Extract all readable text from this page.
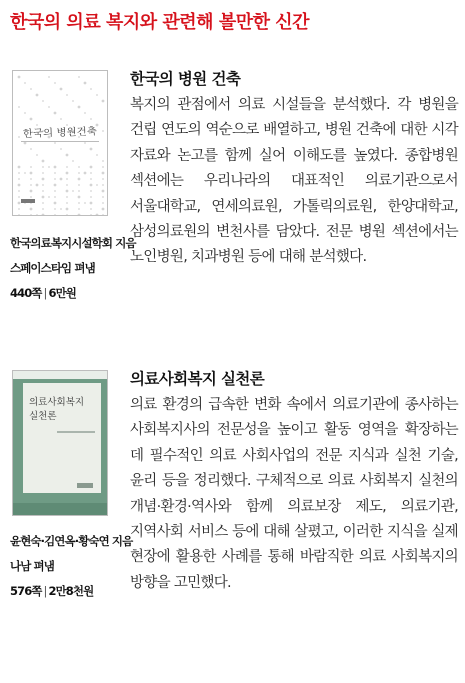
한국의 의료 복지와 관련해 볼만한 신간
한국의 병원건축
한국의료복지시설학회 지음
스페이스타임 펴냄
440쪽 | 6만원
한국의 병원 건축

복지의 관점에서 의료 시설들을 분석했다. 각 병원을 건립 연도의 역순으로 배열하고, 병원 건축에 대한 시각 자료와 논고를 함께 실어 이해도를 높였다. 종합병원 섹션에는 우리나라의 대표적인 의료기관으로서 서울대학교, 연세의료원, 가톨릭의료원, 한양대학교, 삼성의료원의 변천사를 담았다. 전문 병원 섹션에서는 노인병원, 치과병원 등에 대해 분석했다.

의료사회복지
실천론
윤현숙·김연옥·황숙연 지음
나남 펴냄
576쪽 | 2만8천원
의료사회복지 실천론

의료 환경의 급속한 변화 속에서 의료기관에 종사하는 사회복지사의 전문성을 높이고 활동 영역을 확장하는 데 필수적인 의료 사회사업의 전문 지식과 실천 기술, 윤리 등을 정리했다. 구체적으로 의료 사회복지 실천의 개념·환경·역사와 함께 의료보장 제도, 의료기관, 지역사회 서비스 등에 대해 살폈고, 이러한 지식을 실제 현장에 활용한 사례를 통해 바람직한 의료 사회복지의 방향을 고민했다.
